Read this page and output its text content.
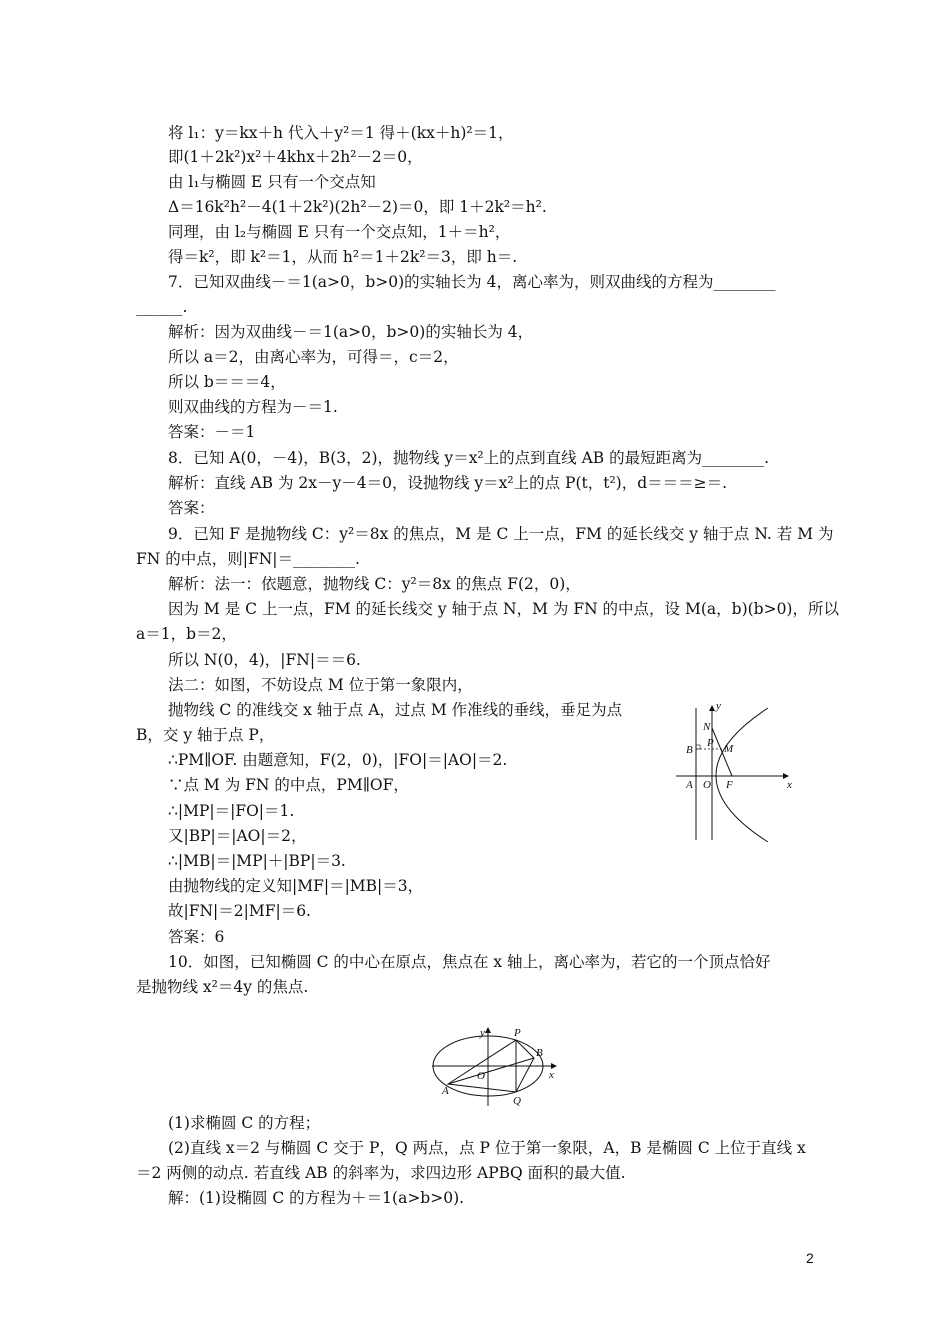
将 l₁：y＝kx＋h 代入＋y²＝1 得＋(kx＋h)²＝1，
即(1＋2k²)x²＋4khx＋2h²－2＝0，
由 l₁与椭圆 E 只有一个交点知
Δ＝16k²h²－4(1＋2k²)(2h²－2)＝0，即 1＋2k²＝h².
同理，由 l₂与椭圆 E 只有一个交点知，1＋＝h²，
得＝k²，即 k²＝1，从而 h²＝1＋2k²＝3，即 h＝.
7．已知双曲线－＝1(a>0，b>0)的实轴长为 4，离心率为，则双曲线的方程为________
______.
解析：因为双曲线－＝1(a>0，b>0)的实轴长为 4，
所以 a＝2，由离心率为，可得＝，c＝2，
所以 b＝＝＝4，
则双曲线的方程为－＝1.
答案：－＝1
8．已知 A(0，－4)，B(3，2)，抛物线 y＝x²上的点到直线 AB 的最短距离为________.
解析：直线 AB 为 2x－y－4＝0，设抛物线 y＝x²上的点 P(t，t²)，d＝＝＝≥＝.
答案：
9．已知 F 是抛物线 C：y²＝8x 的焦点，M 是 C 上一点，FM 的延长线交 y 轴于点 N. 若 M 为
FN 的中点，则|FN|＝________.
解析：法一：依题意，抛物线 C：y²＝8x 的焦点 F(2，0)，
因为 M 是 C 上一点，FM 的延长线交 y 轴于点 N，M 为 FN 的中点，设 M(a，b)(b>0)，所以
a＝1，b＝2，
所以 N(0，4)，|FN|＝＝6.
法二：如图，不妨设点 M 位于第一象限内，
抛物线 C 的准线交 x 轴于点 A，过点 M 作准线的垂线，垂足为点
B，交 y 轴于点 P，
∴PM∥OF. 由题意知，F(2，0)，|FO|＝|AO|＝2.
∵点 M 为 FN 的中点，PM∥OF，
∴|MP|＝|FO|＝1.
又|BP|＝|AO|＝2，
∴|MB|＝|MP|＋|BP|＝3.
由抛物线的定义知|MF|＝|MB|＝3，
故|FN|＝2|MF|＝6.
答案：6
10．如图，已知椭圆 C 的中心在原点，焦点在 x 轴上，离心率为，若它的一个顶点恰好
是抛物线 x²＝4y 的焦点.
(1)求椭圆 C 的方程；
(2)直线 x＝2 与椭圆 C 交于 P，Q 两点，点 P 位于第一象限，A，B 是椭圆 C 上位于直线 x
＝2 两侧的动点. 若直线 AB 的斜率为，求四边形 APBQ 面积的最大值.
解：(1)设椭圆 C 的方程为＋＝1(a>b>0).
y
N
P M
B
A O F	x
y	P
B
O	x
A
Q
2
